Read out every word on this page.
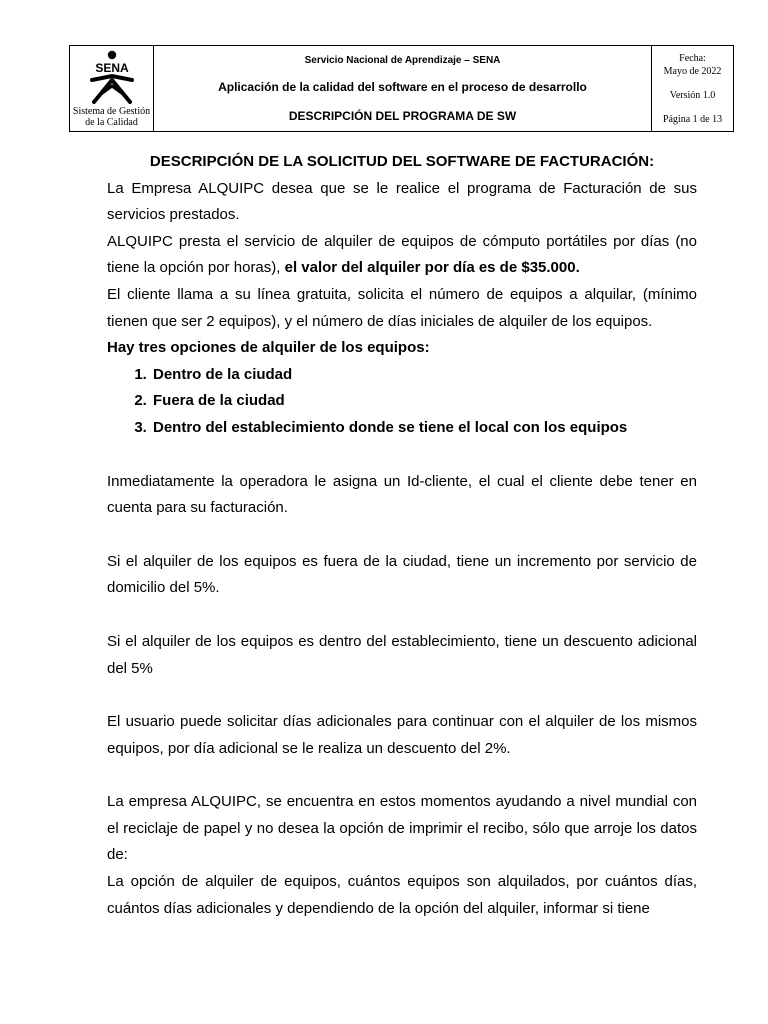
SENA
Sistema de Gestión
de la Calidad

Servicio Nacional de Aprendizaje – SENA
Aplicación de la calidad del software en el proceso de desarrollo
DESCRIPCIÓN DEL PROGRAMA DE SW

Fecha:
Mayo de 2022
Versión 1.0
Página 1 de 13

DESCRIPCIÓN DE LA SOLICITUD DEL SOFTWARE DE FACTURACIÓN:

La Empresa ALQUIPC desea que se le realice el programa de Facturación de sus servicios prestados.

ALQUIPC presta el servicio de alquiler de equipos de cómputo portátiles por días (no tiene la opción por horas), el valor del alquiler por día es de $35.000.

El cliente llama a su línea gratuita, solicita el número de equipos a alquilar, (mínimo tienen que ser 2 equipos), y el número de días iniciales de alquiler de los equipos.

Hay tres opciones de alquiler de los equipos:

1. Dentro de la ciudad
2. Fuera de la ciudad
3. Dentro del establecimiento donde se tiene el local con los equipos

Inmediatamente la operadora le asigna un Id-cliente, el cual el cliente debe tener en cuenta para su facturación.

Si el alquiler de los equipos es fuera de la ciudad, tiene un incremento por servicio de domicilio del 5%.

Si el alquiler de los equipos es dentro del establecimiento, tiene un descuento adicional del 5%

El usuario puede solicitar días adicionales para continuar con el alquiler de los mismos equipos, por día adicional se le realiza un descuento del 2%.

La empresa ALQUIPC, se encuentra en estos momentos ayudando a nivel mundial con el reciclaje de papel y no desea la opción de imprimir el recibo, sólo que arroje los datos de:

La opción de alquiler de equipos, cuántos equipos son alquilados, por cuántos días, cuántos días adicionales y dependiendo de la opción del alquiler, informar si tiene
